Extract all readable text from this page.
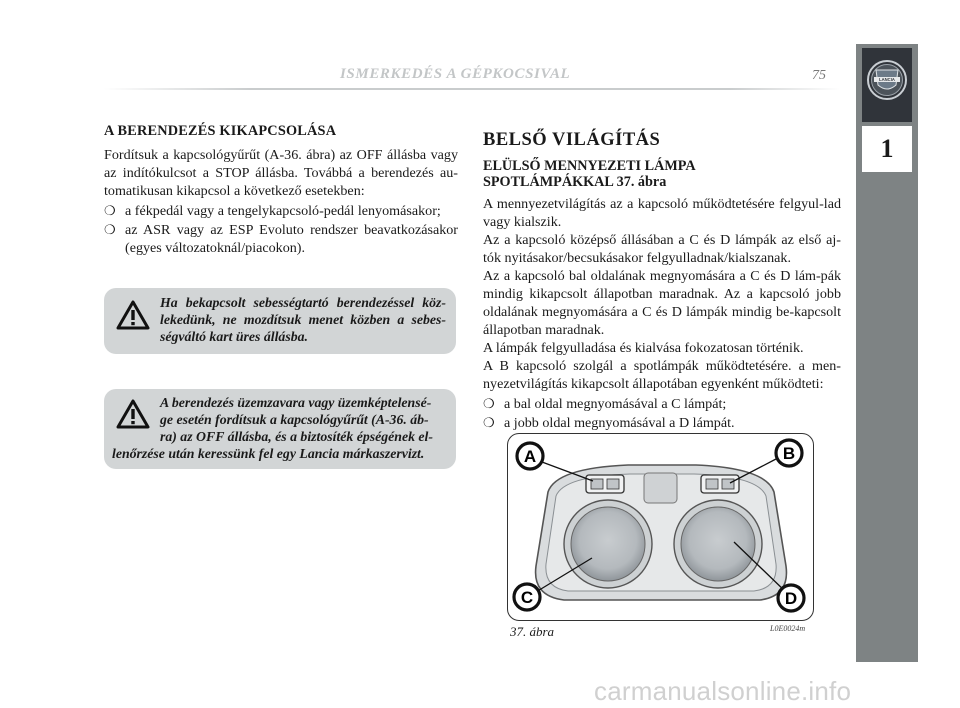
LANCIA
1
ISMERKEDÉS A GÉPKOCSIVAL	75
A BERENDEZÉS KIKAPCSOLÁSA

Fordítsuk a kapcsológyűrűt (A-36. ábra) az OFF állásba vagy az indítókulcsot a STOP állásba. Továbbá a berendezés au-tomatikusan kikapcsol a következő esetekben:

❍ a fékpedál vagy a tengelykapcsoló-pedál lenyomásakor;
❍ az ASR vagy az ESP Evoluto rendszer beavatkozásakor (egyes változatoknál/piacokon).
Ha bekapcsolt sebességtartó berendezéssel köz-lekedünk, ne mozdítsuk menet közben a sebes-ségváltó kart üres állásba.
A berendezés üzemzavara vagy üzemképtelensé-
ge esetén fordítsuk a kapcsológyűrűt (A-36. áb-
ra) az OFF állásba, és a biztosíték épségének el-
lenőrzése után keressünk fel egy Lancia márkaszervizt.
BELSŐ VILÁGÍTÁS
ELÜLSŐ MENNYEZETI LÁMPA
SPOTLÁMPÁKKAL 37. ábra

A mennyezetvilágítás az a kapcsoló működtetésére felgyul-lad vagy kialszik.

Az a kapcsoló középső állásában a C és D lámpák az első aj-tók nyitásakor/becsukásakor felgyulladnak/kialszanak.

Az a kapcsoló bal oldalának megnyomására a C és D lám-pák mindig kikapcsolt állapotban maradnak. Az a kapcsoló jobb oldalának megnyomására a C és D lámpák mindig be-kapcsolt állapotban maradnak.

A lámpák felgyulladása és kialvása fokozatosan történik.

A B kapcsoló szolgál a spotlámpák működtetésére. a men-nyezetvilágítás kikapcsolt állapotában egyenként működteti:

❍ a bal oldal megnyomásával a C lámpát;
❍ a jobb oldal megnyomásával a D lámpát.
A	B
C	D
37. ábra	L0E0024m
carmanualsonline.info
